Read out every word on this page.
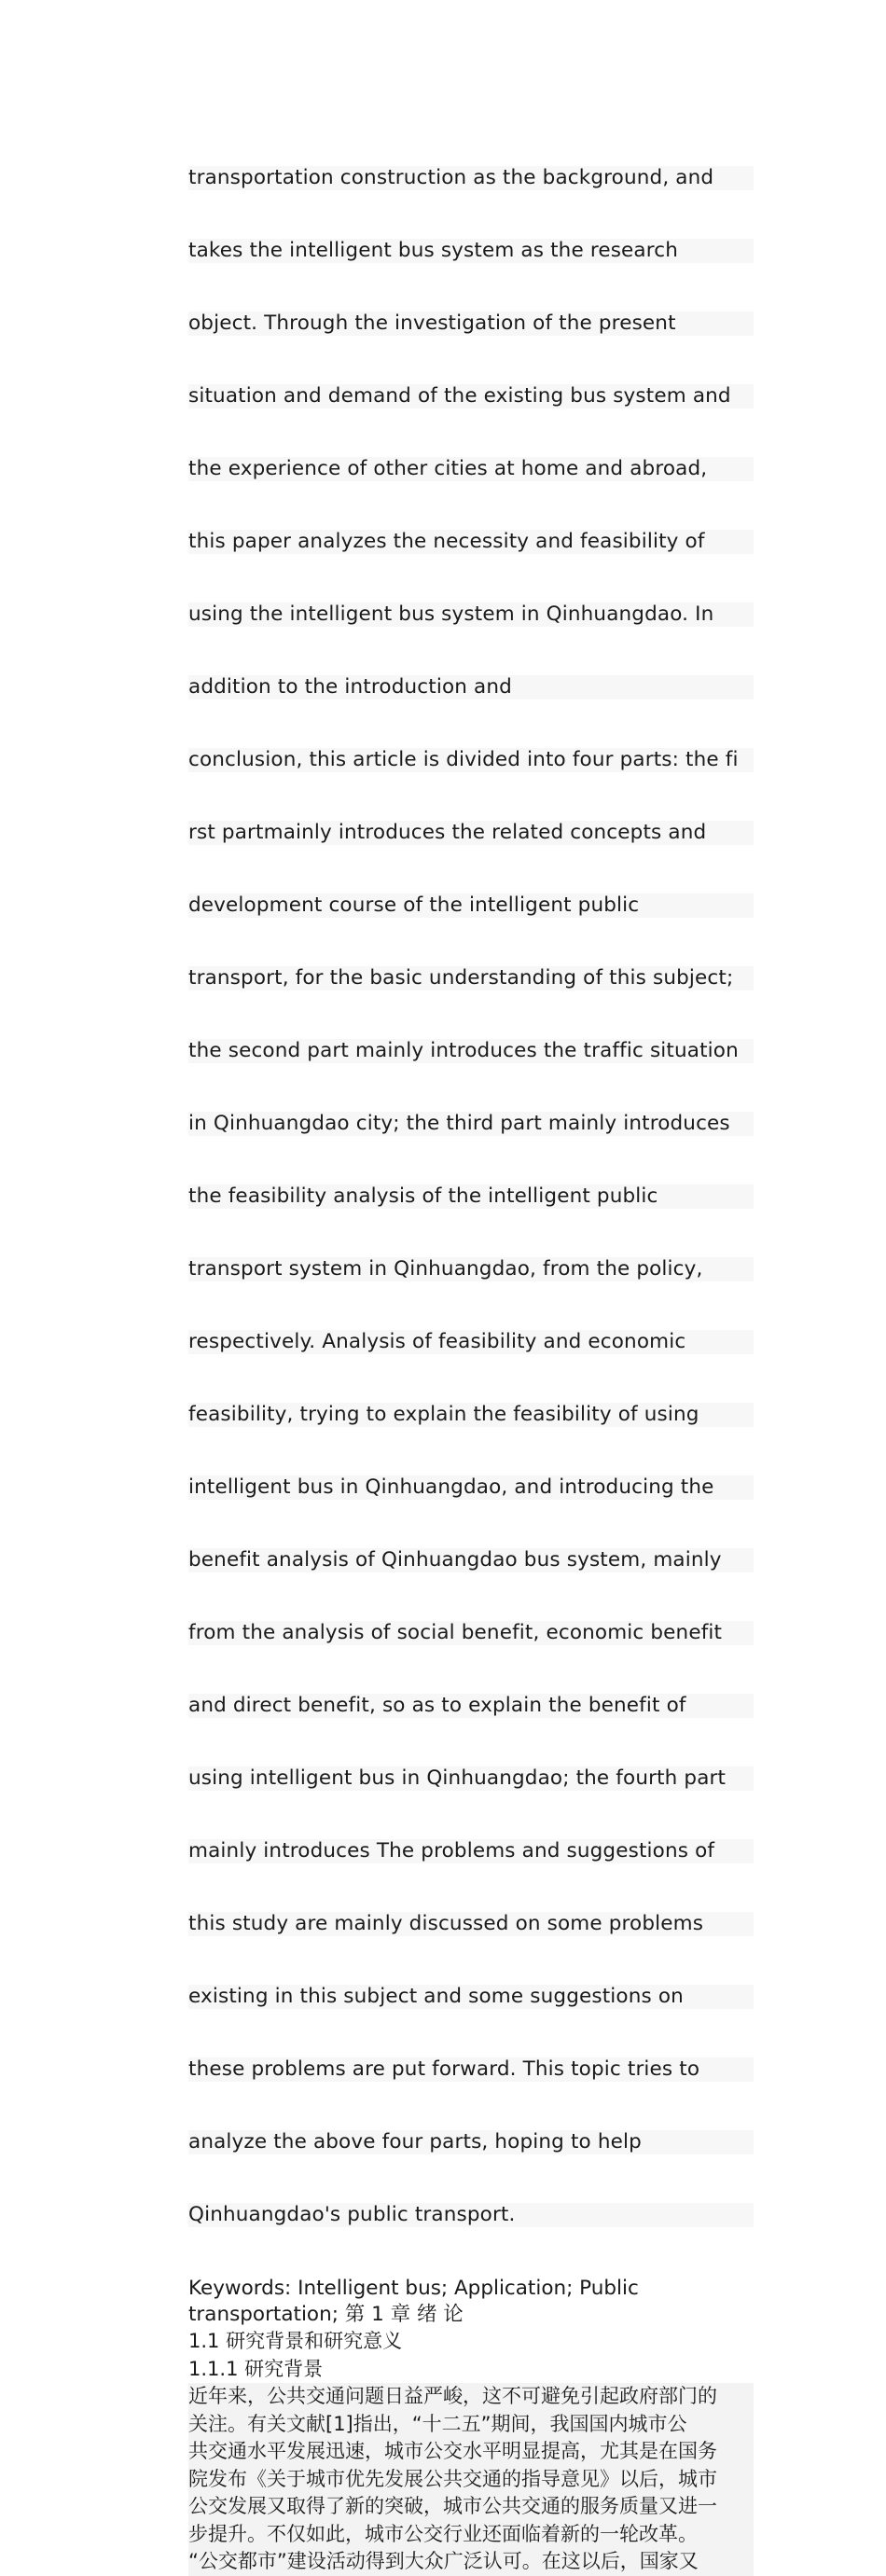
transportation construction as the background, and

takes the intelligent bus system as the research

object. Through the investigation of the present

situation and demand of the existing bus system and

the experience of other cities at home and abroad,

this paper analyzes the necessity and feasibility of

using the intelligent bus system in Qinhuangdao. In

addition to the introduction and

conclusion, this article is divided into four parts: the fi

rst partmainly introduces the related concepts and

development course of the intelligent public

transport, for the basic understanding of this subject;

the second part mainly introduces the traffic situation

in Qinhuangdao city; the third part mainly introduces

the feasibility analysis of the intelligent public

transport system in Qinhuangdao, from the policy,

respectively. Analysis of feasibility and economic

feasibility, trying to explain the feasibility of using

intelligent bus in Qinhuangdao, and introducing the

benefit analysis of Qinhuangdao bus system, mainly

from the analysis of social benefit, economic benefit

and direct benefit, so as to explain the benefit of

using intelligent bus in Qinhuangdao; the fourth part

mainly introduces The problems and suggestions of

this study are mainly discussed on some problems

existing in this subject and some suggestions on

these problems are put forward. This topic tries to

analyze the above four parts, hoping to help

Qinhuangdao's public transport.

Keywords: Intelligent bus; Application; Public
transportation; 第 1 章 绪 论

1.1 研究背景和研究意义

1.1.1 研究背景

近年来，公共交通问题日益严峻，这不可避免引起政府部门的
关注。有关文献[1]指出，“十二五”期间，我国国内城市公
共交通水平发展迅速，城市公交水平明显提高，尤其是在国务
院发布《关于城市优先发展公共交通的指导意见》以后，城市
公交发展又取得了新的突破，城市公共交通的服务质量又进一
步提升。不仅如此，城市公交行业还面临着新的一轮改革。
“公交都市”建设活动得到大众广泛认可。在这以后，国家又
